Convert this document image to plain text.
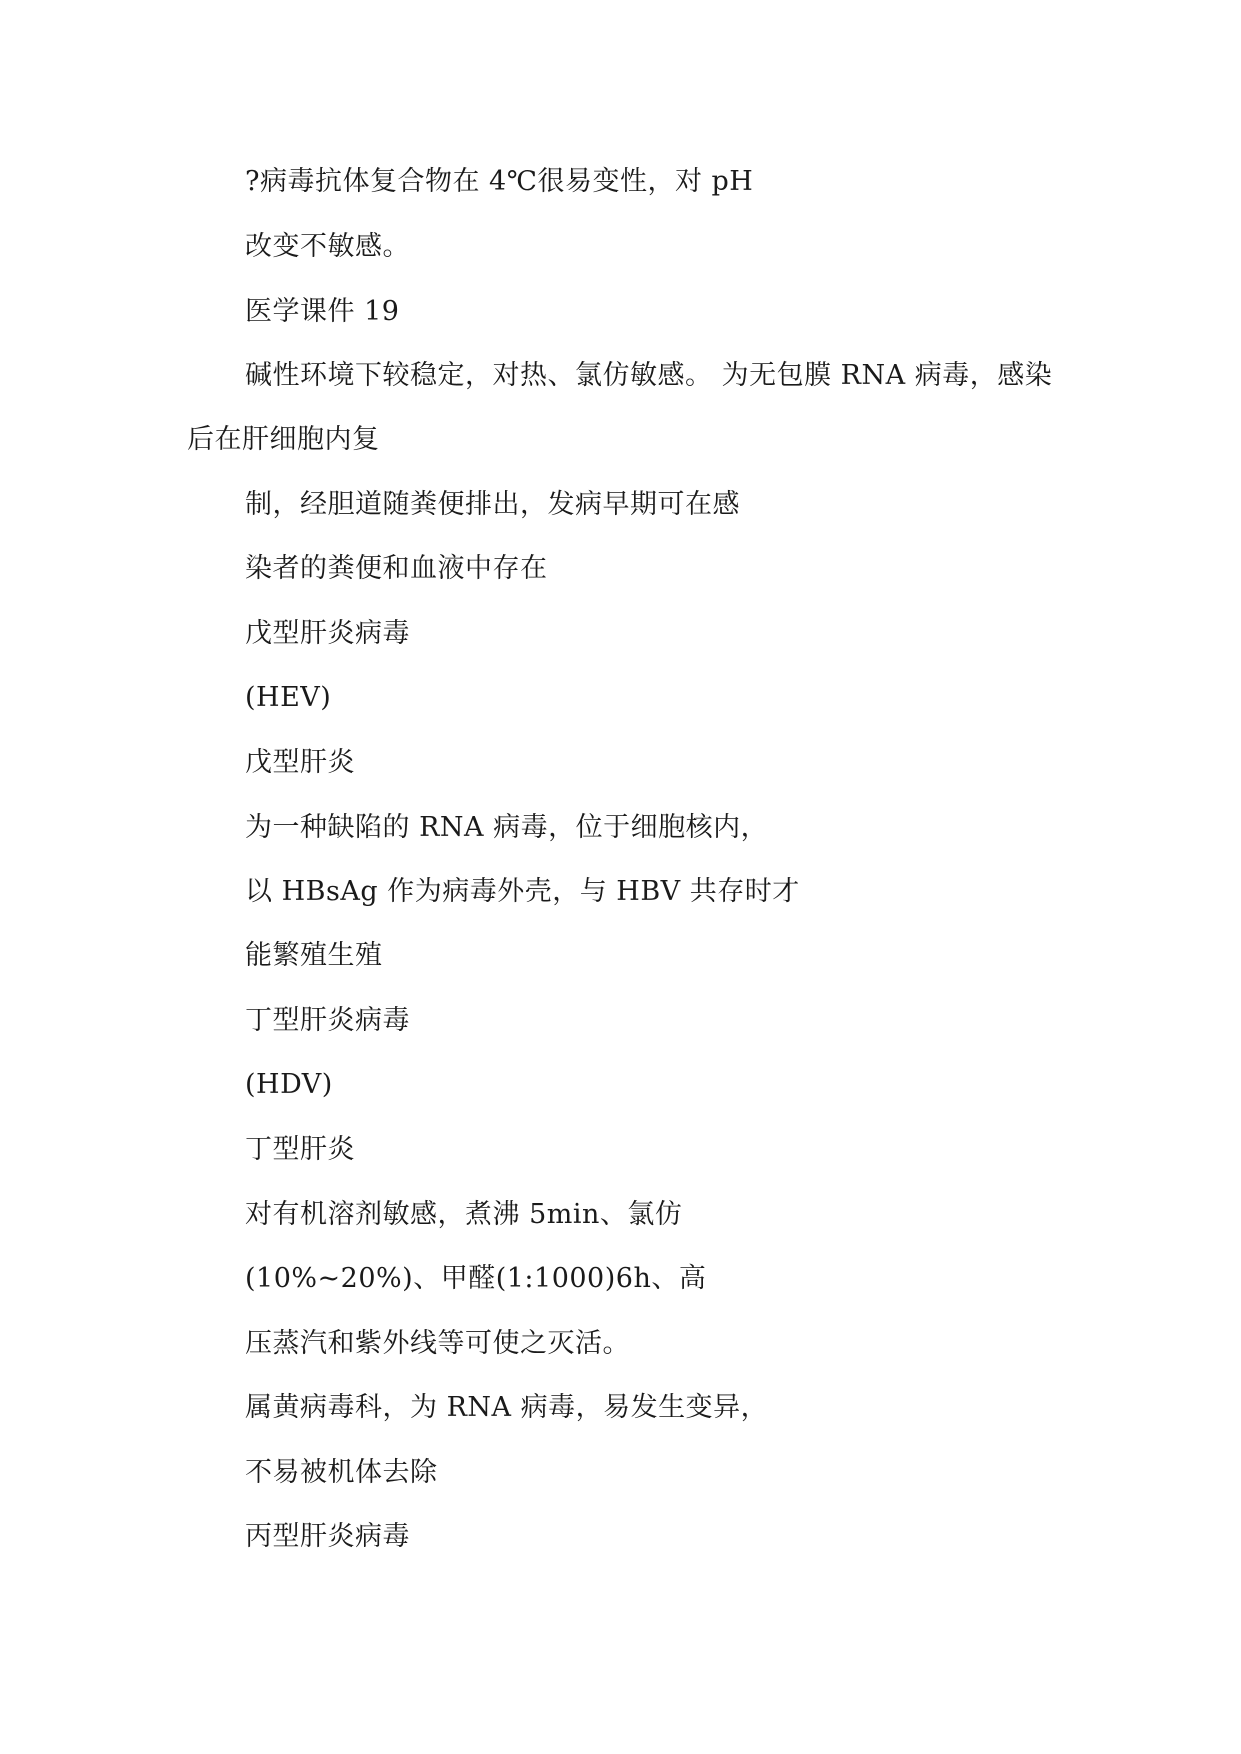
?病毒抗体复合物在 4℃很易变性，对 pH
改变不敏感。
医学课件 19
碱性环境下较稳定，对热、氯仿敏感。 为无包膜 RNA 病毒，感染
后在肝细胞内复
制，经胆道随粪便排出，发病早期可在感
染者的粪便和血液中存在
戊型肝炎病毒
(HEV)
戊型肝炎
为一种缺陷的 RNA 病毒，位于细胞核内，
以 HBsAg 作为病毒外壳，与 HBV 共存时才
能繁殖生殖
丁型肝炎病毒
(HDV)
丁型肝炎
对有机溶剂敏感，煮沸 5min、氯仿
(10%~20%)、甲醛(1:1000)6h、高
压蒸汽和紫外线等可使之灭活。
属黄病毒科，为 RNA 病毒，易发生变异，
不易被机体去除
丙型肝炎病毒
